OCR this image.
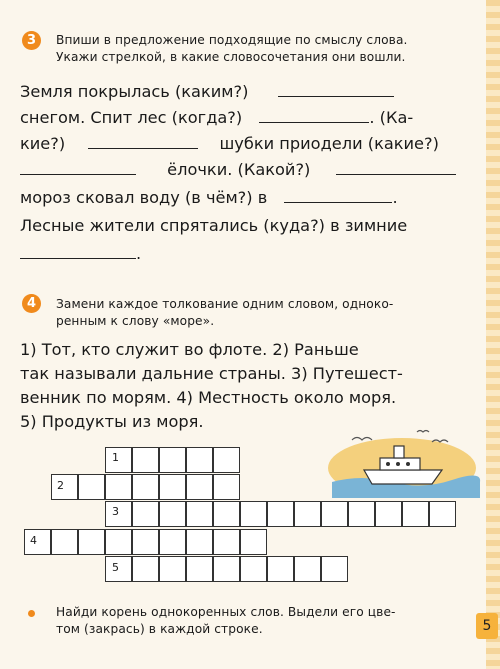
3	Впиши в предложение подходящие по смыслу слова.
Укажи стрелкой, в какие словосочетания они вошли.
Земля покрылась (каким?)
снегом. Спит лес (когда?)	. (Ка-
кие?)	шубки приодели (какие?)
ёлочки. (Какой?)
мороз сковал воду (в чём?) в	.
Лесные жители спрятались (куда?) в зимние
.
4	Замени каждое толкование одним словом, одноко-
ренным к слову «море».
1) Тот, кто служит во флоте. 2) Раньше
так называли дальние страны. 3) Путешест-
венник по морям. 4) Местность около моря.
5) Продукты из моря.
1
2
3
4
5
Найди корень однокоренных слов. Выдели его цве-
том (закрась) в каждой строке.	5
